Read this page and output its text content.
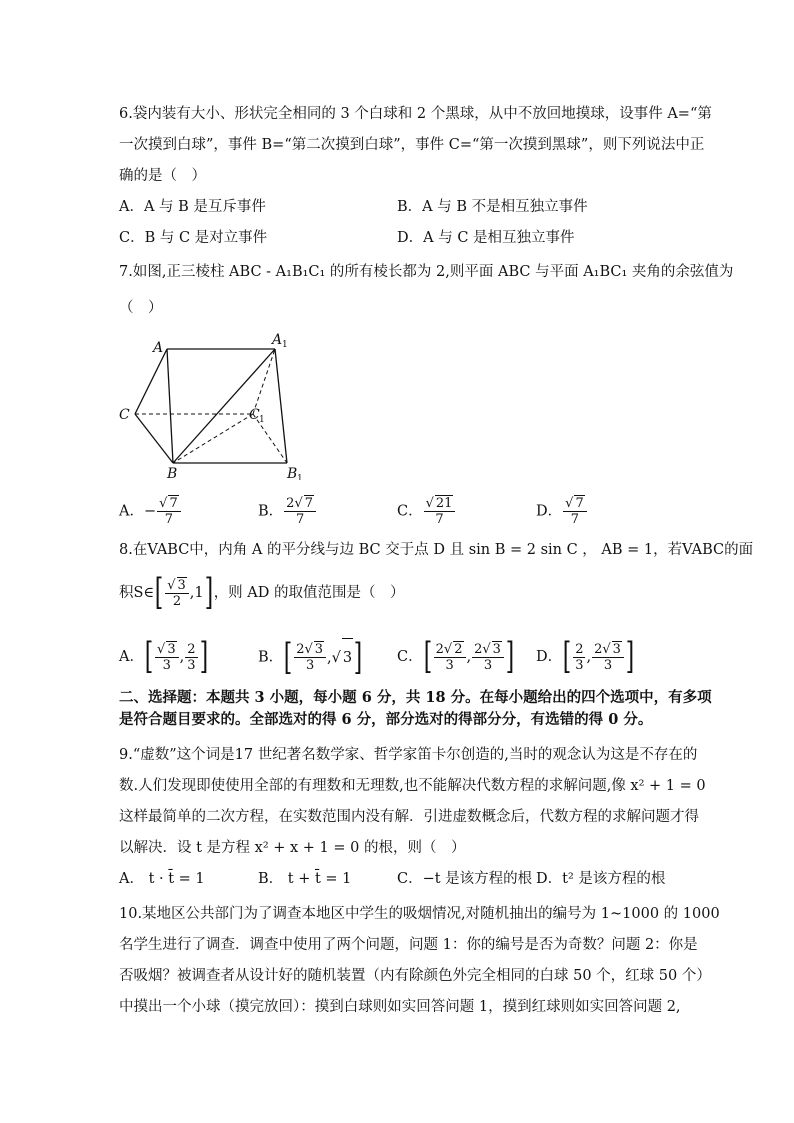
6.袋内装有大小、形状完全相同的 3 个白球和 2 个黑球，从中不放回地摸球，设事件 A=“第
一次摸到白球”，事件 B=“第二次摸到白球”，事件 C=“第一次摸到黑球”，则下列说法中正
确的是（　）
A．A 与 B 是互斥事件	B．A 与 B 不是相互独立事件
C．B 与 C 是对立事件	D．A 与 C 是相互独立事件
7.如图,正三棱柱 ABC - A₁B₁C₁ 的所有棱长都为 2,则平面 ABC 与平面 A₁BC₁ 夹角的余弦值为
（　）
A	A
C	C
B	B
1
1
1
A．− $\frac{√ 7}{7}$	B． $\frac{2√ 7}{7}$	C． $\frac{√ 21}{7}$	D． $\frac{√ 7}{7}$
8.在VABC中，内角 A 的平分线与边 BC 交于点 D 且 sin B = 2 sin C ， AB = 1，若VABC的面
积S∈ [ $\frac{√ 3}{2}$ , 1 ] ，则 AD 的取值范围是（　）
A． [ $\frac{√ 3}{3}$ , $\frac{2}{3}$ ]	B． [ $\frac{2√ 3}{3}$ ,√ 3 ] C． [ $\frac{2√ 2}{3}$ , $\frac{2√ 3}{3}$ ] D． [ $\frac{2}{3}$ , $\frac{2√ 3}{3}$ ]
二、选择题：本题共 3 小题，每小题 6 分，共 18 分。在每小题给出的四个选项中，有多项
是符合题目要求的。全部选对的得 6 分，部分选对的得部分分，有选错的得 0 分。
9.“虚数”这个词是17 世纪著名数学家、哲学家笛卡尔创造的,当时的观念认为这是不存在的
数.人们发现即使使用全部的有理数和无理数,也不能解决代数方程的求解问题,像 x² + 1 = 0
这样最简单的二次方程，在实数范围内没有解．引进虚数概念后，代数方程的求解问题才得
以解决．设 t 是方程 x² + x + 1 = 0 的根，则（　）
A． t · t̄ = 1	B． t + t̄ = 1	C．−t 是该方程的根 D．t² 是该方程的根
10.某地区公共部门为了调查本地区中学生的吸烟情况,对随机抽出的编号为 1~1000 的 1000
名学生进行了调查．调查中使用了两个问题，问题 1：你的编号是否为奇数？问题 2：你是
否吸烟？被调查者从设计好的随机装置（内有除颜色外完全相同的白球 50 个，红球 50 个）
中摸出一个小球（摸完放回）：摸到白球则如实回答问题 1，摸到红球则如实回答问题 2,
